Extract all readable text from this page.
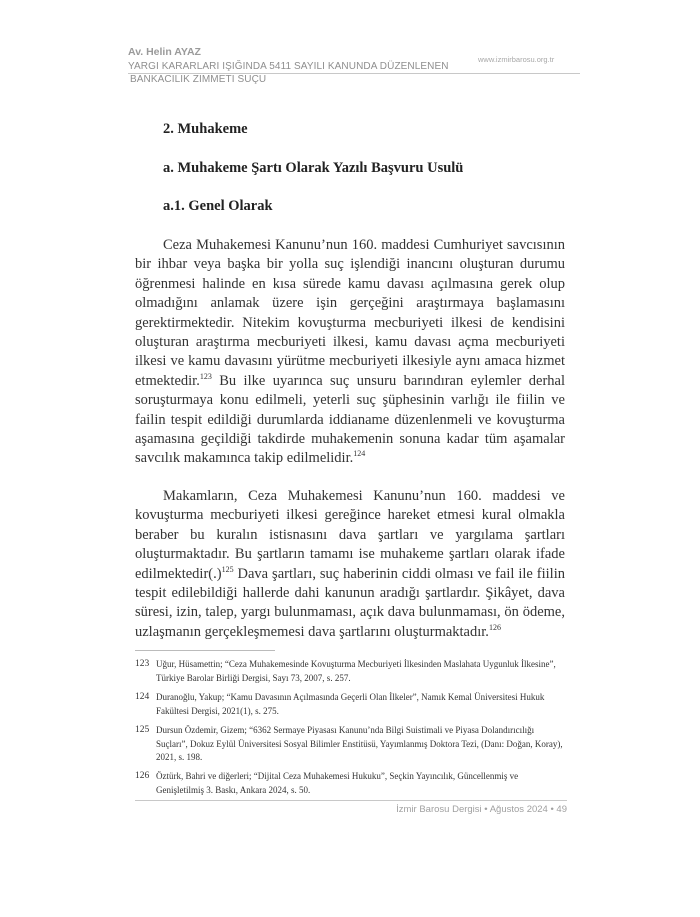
Av. Helin AYAZ
YARGI KARARLARI IŞIĞINDA 5411 SAYILI KANUNDA DÜZENLENEN
BANKACILIK ZİMMETİ SUÇU
www.izmirbarosu.org.tr
2. Muhakeme
a. Muhakeme Şartı Olarak Yazılı Başvuru Usulü
a.1. Genel Olarak

Ceza Muhakemesi Kanunu’nun 160. maddesi Cumhuriyet savcısının bir ihbar veya başka bir yolla suç işlendiği inancını oluşturan durumu öğrenmesi halinde en kısa sürede kamu davası açılmasına gerek olup olmadığını anlamak üzere işin gerçeğini araştırmaya başlamasını gerektirmektedir. Nitekim kovuşturma mecburiyeti ilkesi de kendisini oluşturan araştırma mecburiyeti ilkesi, kamu davası açma mecburiyeti ilkesi ve kamu davasını yürütme mecburiyeti ilkesiyle aynı amaca hizmet etmektedir.$^{123}$ Bu ilke uyarınca suç unsuru barındıran eylemler derhal soruşturmaya konu edilmeli, yeterli suç şüphesinin varlığı ile fiilin ve failin tespit edildiği durumlarda iddianame düzenlenmeli ve kovuşturma aşamasına geçildiği takdirde muhakemenin sonuna kadar tüm aşamalar savcılık makamınca takip edilmelidir.$^{124}$

Makamların, Ceza Muhakemesi Kanunu’nun 160. maddesi ve kovuşturma mecburiyeti ilkesi gereğince hareket etmesi kural olmakla beraber bu kuralın istisnasını dava şartları ve yargılama şartları oluşturmaktadır. Bu şartların tamamı ise muhakeme şartları olarak ifade edilmektedir(.)$^{125}$ Dava şartları, suç haberinin ciddi olması ve fail ile fiilin tespit edilebildiği hallerde dahi kanunun aradığı şartlardır. Şikâyet, dava süresi, izin, talep, yargı bulunmaması, açık dava bulunmaması, ön ödeme, uzlaşmanın gerçekleşmemesi dava şartlarını oluşturmaktadır.$^{126}$

123 Uğur, Hüsamettin; “Ceza Muhakemesinde Kovuşturma Mecburiyeti İlkesinden Maslahata Uygunluk İlkesine”, Türkiye Barolar Birliği Dergisi, Sayı 73, 2007, s. 257.
124 Duranoğlu, Yakup; “Kamu Davasının Açılmasında Geçerli Olan İlkeler”, Namık Kemal Üniversitesi Hukuk Fakültesi Dergisi, 2021(1), s. 275.
125 Dursun Özdemir, Gizem; “6362 Sermaye Piyasası Kanunu’nda Bilgi Suistimali ve Piyasa Dolandırıcılığı Suçları”, Dokuz Eylül Üniversitesi Sosyal Bilimler Enstitüsü, Yayımlanmış Doktora Tezi, (Danı: Doğan, Koray), 2021, s. 198.
126 Öztürk, Bahri ve diğerleri; “Dijital Ceza Muhakemesi Hukuku”, Seçkin Yayıncılık, Güncellenmiş ve Genişletilmiş 3. Baskı, Ankara 2024, s. 50.
İzmir Barosu Dergisi • Ağustos 2024 • 49
